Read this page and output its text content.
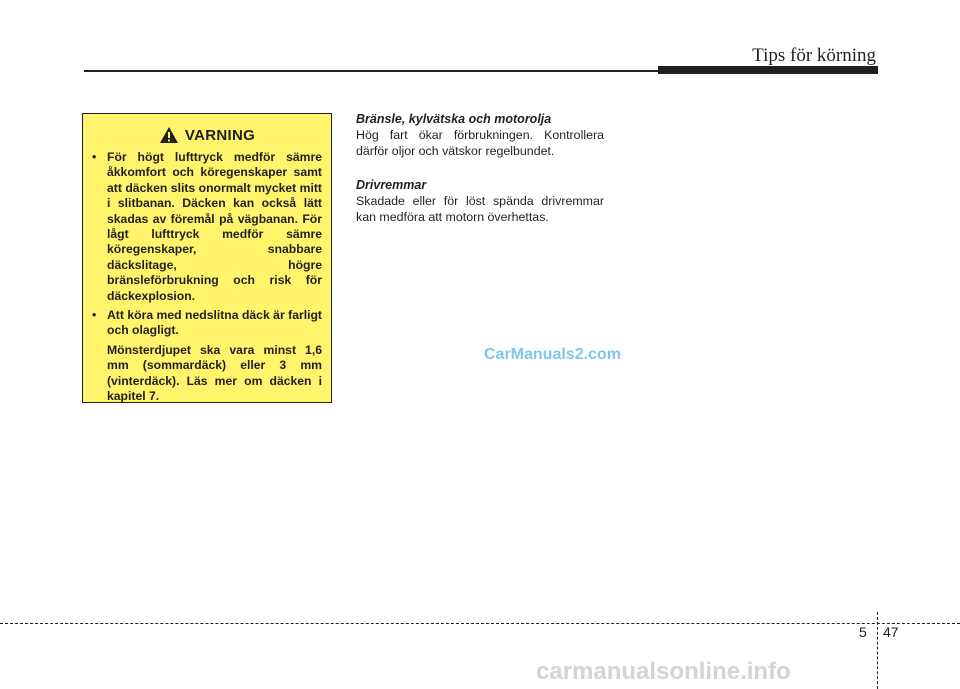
Tips för körning
VARNING
• För högt lufttryck medför sämre åkkomfort och köregenskaper samt att däcken slits onormalt mycket mitt i slitbanan. Däcken kan också lätt skadas av föremål på vägbanan. För lågt lufttryck medför sämre köregenskaper, snabbare däckslitage, högre bränsleförbrukning och risk för däckexplosion.
• Att köra med nedslitna däck är farligt och olagligt.
Mönsterdjupet ska vara minst 1,6 mm (sommardäck) eller 3 mm (vinterdäck). Läs mer om däcken i kapitel 7.
Bränsle, kylvätska och motorolja
Hög fart ökar förbrukningen. Kontrollera därför oljor och vätskor regelbundet.
Drivremmar
Skadade eller för löst spända drivremmar kan medföra att motorn överhettas.
CarManuals2.com
5 47
carmanualsonline.info
